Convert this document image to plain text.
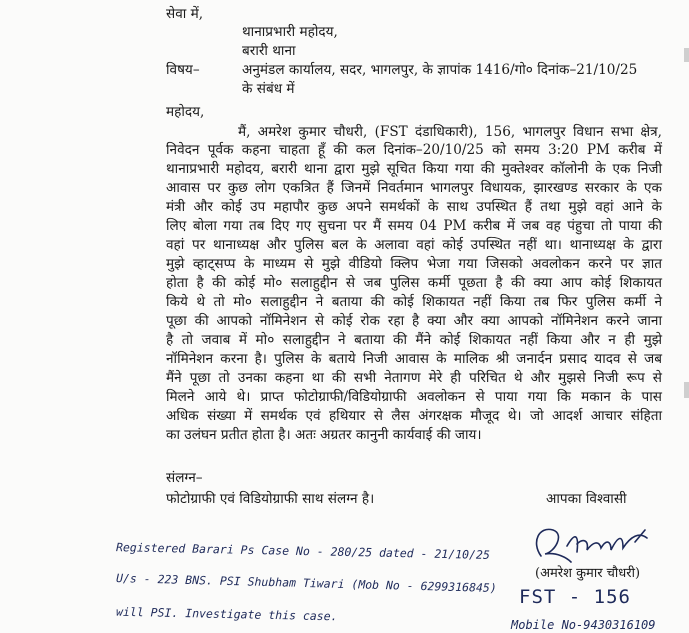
सेवा में,
थानाप्रभारी महोदय,
बरारी थाना
विषय–	अनुमंडल कार्यालय, सदर, भागलपुर, के ज्ञापांक 1416/गो० दिनांक–21/10/25
के संबंध में
महोदय,
मैं, अमरेश कुमार चौधरी, (FST दंडाधिकारी), 156, भागलपुर विधान सभा क्षेत्र,
निवेदन पूर्वक कहना चाहता हूँ की कल दिनांक–20/10/25 को समय 3:20 PM करीब में
थानाप्रभारी महोदय, बरारी थाना द्वारा मुझे सूचित किया गया की मुक्तेश्वर कॉलोनी के एक निजी
आवास पर कुछ लोग एकत्रित हैं जिनमें निवर्तमान भागलपुर विधायक, झारखण्ड सरकार के एक
मंत्री और कोई उप महापौर कुछ अपने समर्थकों के साथ उपस्थित हैं तथा मुझे वहां आने के
लिए बोला गया तब दिए गए सुचना पर मैं समय 04 PM करीब में जब वह पंहुचा तो पाया की
वहां पर थानाध्यक्ष और पुलिस बल के अलावा वहां कोई उपस्थित नहीं था। थानाध्यक्ष के द्वारा
मुझे व्हाट्सप्प के माध्यम से मुझे वीडियो क्लिप भेजा गया जिसको अवलोकन करने पर ज्ञात
होता है की कोई मो० सलाहुद्दीन से जब पुलिस कर्मी पूछता है की क्या आप कोई शिकायत
किये थे तो मो० सलाहुद्दीन ने बताया की कोई शिकायत नहीं किया तब फिर पुलिस कर्मी ने
पूछा की आपको नॉमिनेशन से कोई रोक रहा है क्या और क्या आपको नॉमिनेशन करने जाना
है तो जवाब में मो० सलाहुद्दीन ने बताया की मैंने कोई शिकायत नहीं किया और न ही मुझे
नॉमिनेशन करना है। पुलिस के बताये निजी आवास के मालिक श्री जनार्दन प्रसाद यादव से जब
मैंने पूछा तो उनका कहना था की सभी नेतागण मेरे ही परिचित थे और मुझसे निजी रूप से
मिलने आये थे। प्राप्त फोटोग्राफी/विडियोग्राफी अवलोकन से पाया गया कि मकान के पास
अधिक संख्या में समर्थक एवं हथियार से लैस अंगरक्षक मौजूद थे। जो आदर्श आचार संहिता
का उलंघन प्रतीत होता है। अतः अग्रतर कानुनी कार्यवाई की जाय।
संलग्न–
फोटोग्राफी एवं विडियोग्राफी साथ संलग्न है।	आपका विश्वासी
(अमरेश कुमार चौधरी)
Registered Barari Ps Case No - 280/25 dated - 21/10/25
U/s - 223 BNS. PSI Shubham Tiwari (Mob No - 6299316845)
will PSI. Investigate this case.
FST - 156
Mobile No-9430316109
